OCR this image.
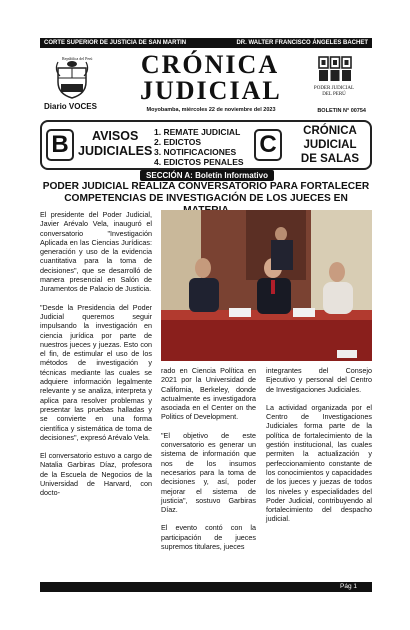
CORTE SUPERIOR DE JUSTICIA DE SAN MARTIN	DR. WALTER FRANCISCO ÁNGELES BACHET
República del Perú
Diario VOCES
CRÓNICA
JUDICIAL
Moyobamba, miércoles 22 de noviembre del 2023
PODER JUDICIAL
DEL PERÚ
BOLETIN N° 00754
B	AVISOS
JUDICIALES
1. REMATE JUDICIAL
2. EDICTOS
3. NOTIFICACIONES
4. EDICTOS PENALES
C	CRÓNICA
JUDICIAL
DE SALAS
SECCIÓN A: Boletín Informativo
PODER JUDICIAL REALIZA CONVERSATORIO PARA FORTALECER COMPETENCIAS DE INVESTIGACIÓN DE LOS JUECES EN

El presidente del Poder Judicial, Javier Arévalo Vela, inauguró el conversatorio "Investigación Aplicada en las Ciencias Jurídicas: generación y uso de la evidencia cuantitativa para la toma de decisiones", que se desarrolló de manera presencial en Salón de Juramentos de Palacio de Justicia.

"Desde la Presidencia del Poder Judicial queremos seguir impulsando la investigación en ciencia jurídica por parte de nuestros jueces y juezas. Esto con el fin, de estimular el uso de los métodos de investigación y técnicas mediante las cuales se adquiere información legalmente relevante y se analiza, interpreta y aplica para resolver problemas y presentar las pruebas halladas y se convierte en una forma científica y sistemática de toma de decisiones", expresó Arévalo Vela.

El conversatorio estuvo a cargo de Natalia Garbiras Díaz, profesora de la Escuela de Negocios de la Universidad de Harvard, con docto-

rado en Ciencia Política en 2021 por la Universidad de California, Berkeley, donde actualmente es investigadora asociada en el Center on the Politics of Development.

"El objetivo de este conversatorio es generar un sistema de información que nos de los insumos necesarios para la toma de decisiones y, así, poder mejorar el sistema de justicia", sostuvo Garbiras Díaz.

El evento contó con la participación de jueces supremos titulares, jueces

integrantes del Consejo Ejecutivo y personal del Centro de Investigaciones Judiciales.

La actividad organizada por el Centro de Investigaciones Judiciales forma parte de la política de fortalecimiento de la gestión institucional, las cuales permiten la actualización y perfeccionamiento constante de los conocimientos y capacidades de los jueces y juezas de todos los niveles y especialidades del Poder Judicial, contribuyendo al fortalecimiento del despacho judicial.

Pág 1
